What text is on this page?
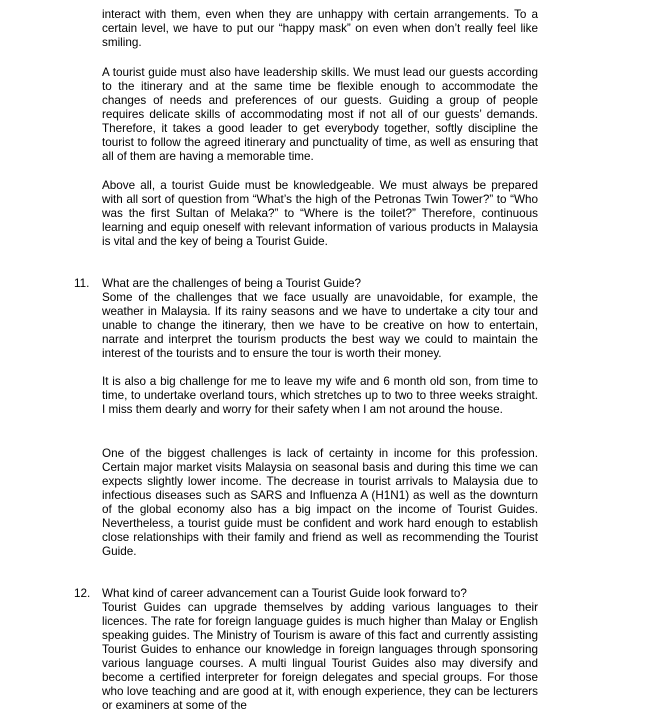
interact with them, even when they are unhappy with certain arrangements. To a certain level, we have to put our “happy mask” on even when don’t really feel like smiling.

A tourist guide must also have leadership skills. We must lead our guests according to the itinerary and at the same time be flexible enough to accommodate the changes of needs and preferences of our guests. Guiding a group of people requires delicate skills of accommodating most if not all of our guests’ demands. Therefore, it takes a good leader to get everybody together, softly discipline the tourist to follow the agreed itinerary and punctuality of time, as well as ensuring that all of them are having a memorable time.

Above all, a tourist Guide must be knowledgeable. We must always be prepared with all sort of question from “What’s the high of the Petronas Twin Tower?” to “Who was the first Sultan of Melaka?” to “Where is the toilet?” Therefore, continuous learning and equip oneself with relevant information of various products in Malaysia is vital and the key of being a Tourist Guide.

11. What are the challenges of being a Tourist Guide?

Some of the challenges that we face usually are unavoidable, for example, the weather in Malaysia. If its rainy seasons and we have to undertake a city tour and unable to change the itinerary, then we have to be creative on how to entertain, narrate and interpret the tourism products the best way we could to maintain the interest of the tourists and to ensure the tour is worth their money.

It is also a big challenge for me to leave my wife and 6 month old son, from time to time, to undertake overland tours, which stretches up to two to three weeks straight. I miss them dearly and worry for their safety when I am not around the house.

One of the biggest challenges is lack of certainty in income for this profession. Certain major market visits Malaysia on seasonal basis and during this time we can expects slightly lower income. The decrease in tourist arrivals to Malaysia due to infectious diseases such as SARS and Influenza A (H1N1) as well as the downturn of the global economy also has a big impact on the income of Tourist Guides. Nevertheless, a tourist guide must be confident and work hard enough to establish close relationships with their family and friend as well as recommending the Tourist Guide.

12. What kind of career advancement can a Tourist Guide look forward to?

Tourist Guides can upgrade themselves by adding various languages to their licences. The rate for foreign language guides is much higher than Malay or English speaking guides. The Ministry of Tourism is aware of this fact and currently assisting Tourist Guides to enhance our knowledge in foreign languages through sponsoring various language courses. A multi lingual Tourist Guides also may diversify and become a certified interpreter for foreign delegates and special groups. For those who love teaching and are good at it, with enough experience, they can be lecturers or examiners at some of the
